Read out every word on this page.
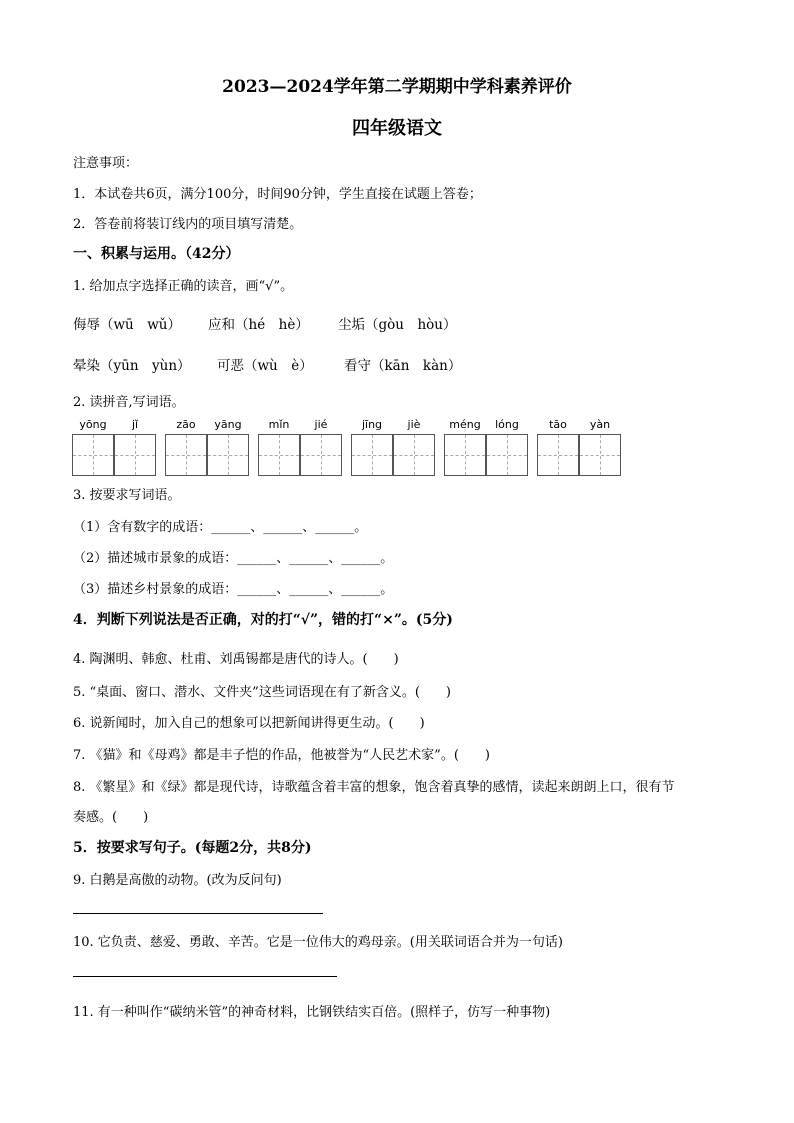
2023—2024学年第二学期期中学科素养评价
四年级语文
注意事项：
1．本试卷共6页，满分100分，时间90分钟，学生直接在试题上答卷；
2．答卷前将装订线内的项目填写清楚。
一、积累与运用。（42分）
1. 给加点字选择正确的读音，画“√”。
侮辱（wū　wǔ） 应和（hé　hè） 尘垢（gòu　hòu）
晕染（yūn　yùn） 可恶（wù　è） 看守（kān　kàn）
2. 读拼音,写词语。
yōng	jǐ	zāo	yāng	mǐn	jié	jīng	jiè	méng	lóng	tāo	yàn
3. 按要求写词语。
（1）含有数字的成语：______、______、______。
（2）描述城市景象的成语：______、______、______。
（3）描述乡村景象的成语：______、______、______。
4．判断下列说法是否正确，对的打“√”，错的打“×”。(5分)
4. 陶渊明、韩愈、杜甫、刘禹锡都是唐代的诗人。(　　)
5. “桌面、窗口、潜水、文件夹”这些词语现在有了新含义。(　　)
6. 说新闻时，加入自己的想象可以把新闻讲得更生动。(　　)
7. 《猫》和《母鸡》都是丰子恺的作品，他被誉为“人民艺术家”。(　　)
8. 《繁星》和《绿》都是现代诗，诗歌蕴含着丰富的想象，饱含着真挚的感情，读起来朗朗上口，很有节
奏感。(　　)
5．按要求写句子。(每题2分，共8分)
9. 白鹅是高傲的动物。(改为反问句)
10. 它负责、慈爱、勇敢、辛苦。它是一位伟大的鸡母亲。(用关联词语合并为一句话)
11. 有一种叫作“碳纳米管”的神奇材料，比钢铁结实百倍。(照样子，仿写一种事物)
